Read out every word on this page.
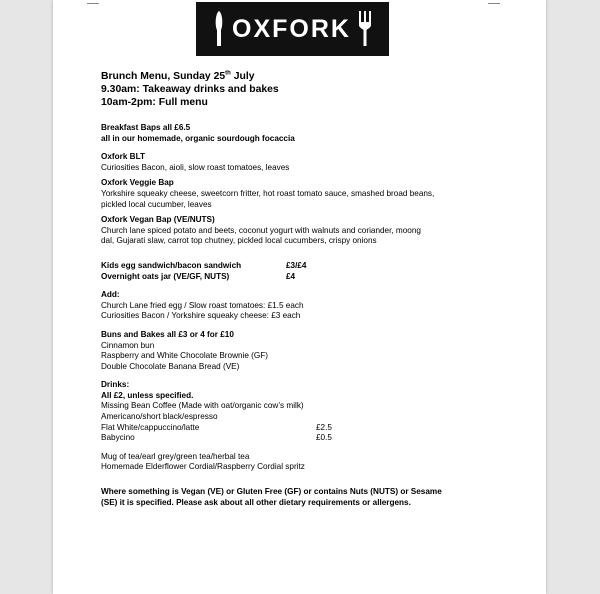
OXFORK
Brunch Menu, Sunday 25th July
9.30am: Takeaway drinks and bakes
10am-2pm: Full menu
Breakfast Baps all £6.5
all in our homemade, organic sourdough focaccia
Oxfork BLT
Curiosities Bacon, aioli, slow roast tomatoes, leaves
Oxfork Veggie Bap
Yorkshire squeaky cheese, sweetcorn fritter, hot roast tomato sauce, smashed broad beans,
pickled local cucumber, leaves
Oxfork Vegan Bap (VE/NUTS)
Church lane spiced potato and beets, coconut yogurt with walnuts and coriander, moong
dal, Gujarati slaw, carrot top chutney, pickled local cucumbers, crispy onions
Kids egg sandwich/bacon sandwich	£3/£4
Overnight oats jar (VE/GF, NUTS)	£4
Add:
Church Lane fried egg / Slow roast tomatoes: £1.5 each
Curiosities Bacon / Yorkshire squeaky cheese: £3 each
Buns and Bakes all £3 or 4 for £10
Cinnamon bun
Raspberry and White Chocolate Brownie (GF)
Double Chocolate Banana Bread (VE)
Drinks:
All £2, unless specified.
Missing Bean Coffee (Made with oat/organic cow’s milk)
Americano/short black/espresso
Flat White/cappuccino/latte	£2.5
Babycino	£0.5
Mug of tea/earl grey/green tea/herbal tea
Homemade Elderflower Cordial/Raspberry Cordial spritz
Where something is Vegan (VE) or Gluten Free (GF) or contains Nuts (NUTS) or Sesame
(SE) it is specified. Please ask about all other dietary requirements or allergens.
